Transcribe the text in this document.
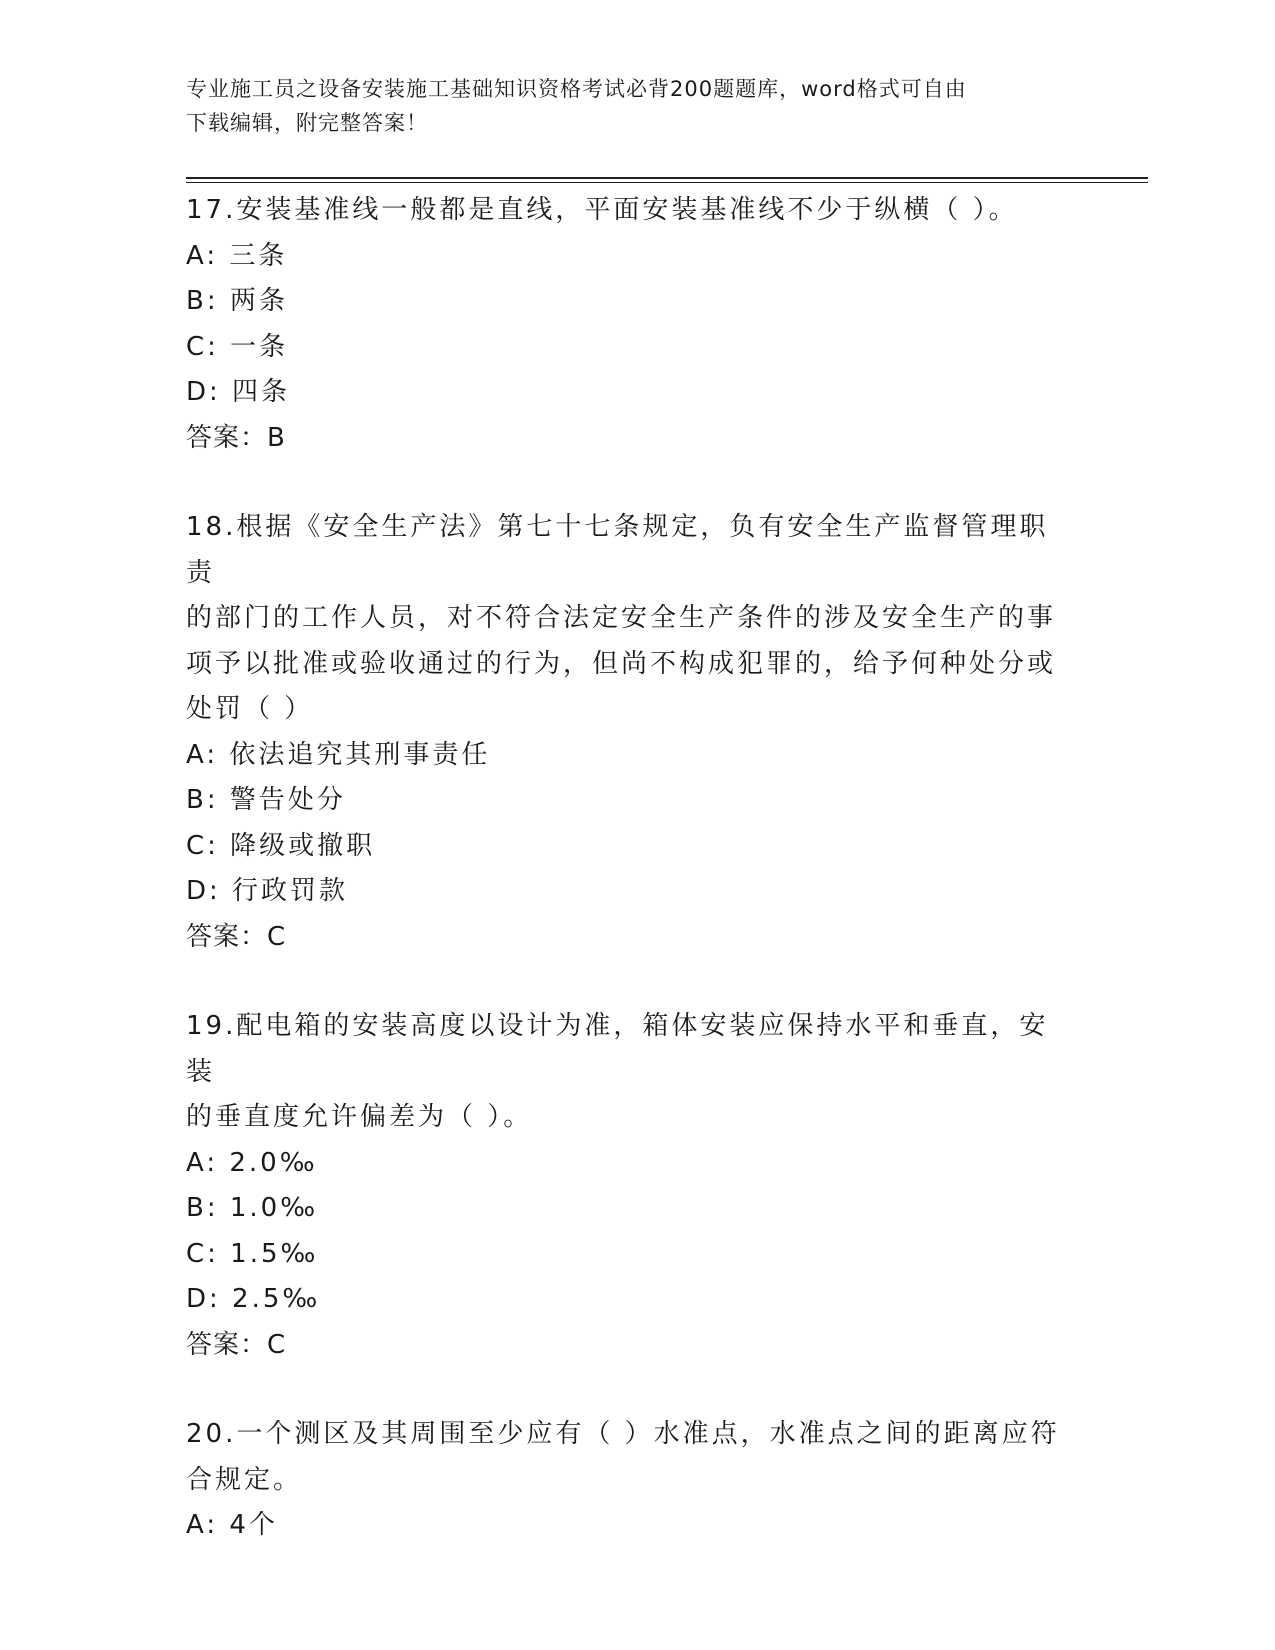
专业施工员之设备安装施工基础知识资格考试必背200题题库，word格式可自由
下载编辑，附完整答案！
17.安装基准线一般都是直线，平面安装基准线不少于纵横（ ）。
A: 三条
B: 两条
C: 一条
D: 四条
答案：B
18.根据《安全生产法》第七十七条规定，负有安全生产监督管理职责
的部门的工作人员，对不符合法定安全生产条件的涉及安全生产的事
项予以批准或验收通过的行为，但尚不构成犯罪的，给予何种处分或
处罚（ ）
A: 依法追究其刑事责任
B: 警告处分
C: 降级或撤职
D: 行政罚款
答案：C
19.配电箱的安装高度以设计为准，箱体安装应保持水平和垂直，安装
的垂直度允许偏差为（ ）。
A: 2.0‰
B: 1.0‰
C: 1.5‰
D: 2.5‰
答案：C
20.一个测区及其周围至少应有（ ）水准点，水准点之间的距离应符
合规定。
A: 4个
